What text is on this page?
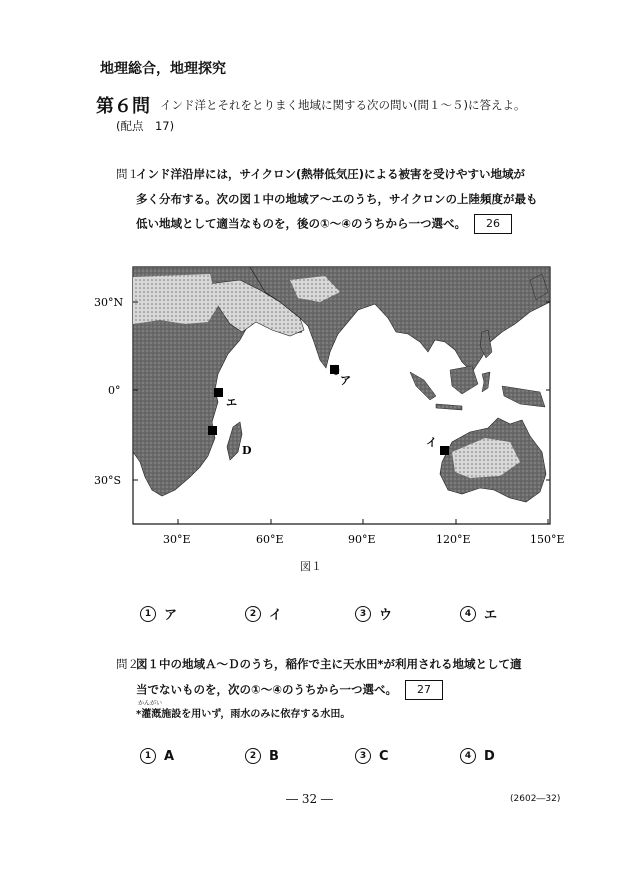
地理総合，地理探究
第６問 インド洋とそれをとりまく地域に関する次の問い(問１～５)に答えよ。
(配点　17)
問１
インド洋沿岸には，サイクロン(熱帯低気圧)による被害を受けやすい地域が
多く分布する。次の図１中の地域ア～エのうち，サイクロンの上陸頻度が最も
低い地域として適当なものを，後の①～④のうちから一つ選べ。 26
30°N
0°
30°S
30°E	60°E	90°E	120°E	150°E
ア
エ
D
イ
図１
1 ア	2 イ	3 ウ	4 エ
問２
図１中の地域Ａ～Ｄのうち，稲作で主に天水田*が利用される地域として適
当でないものを，次の①～④のうちから一つ選べ。 27
かんがい
*灌漑施設を用いず，雨水のみに依存する水田。
1 A	2 B	3 C	4 D
― 32 ―	(2602―32)
